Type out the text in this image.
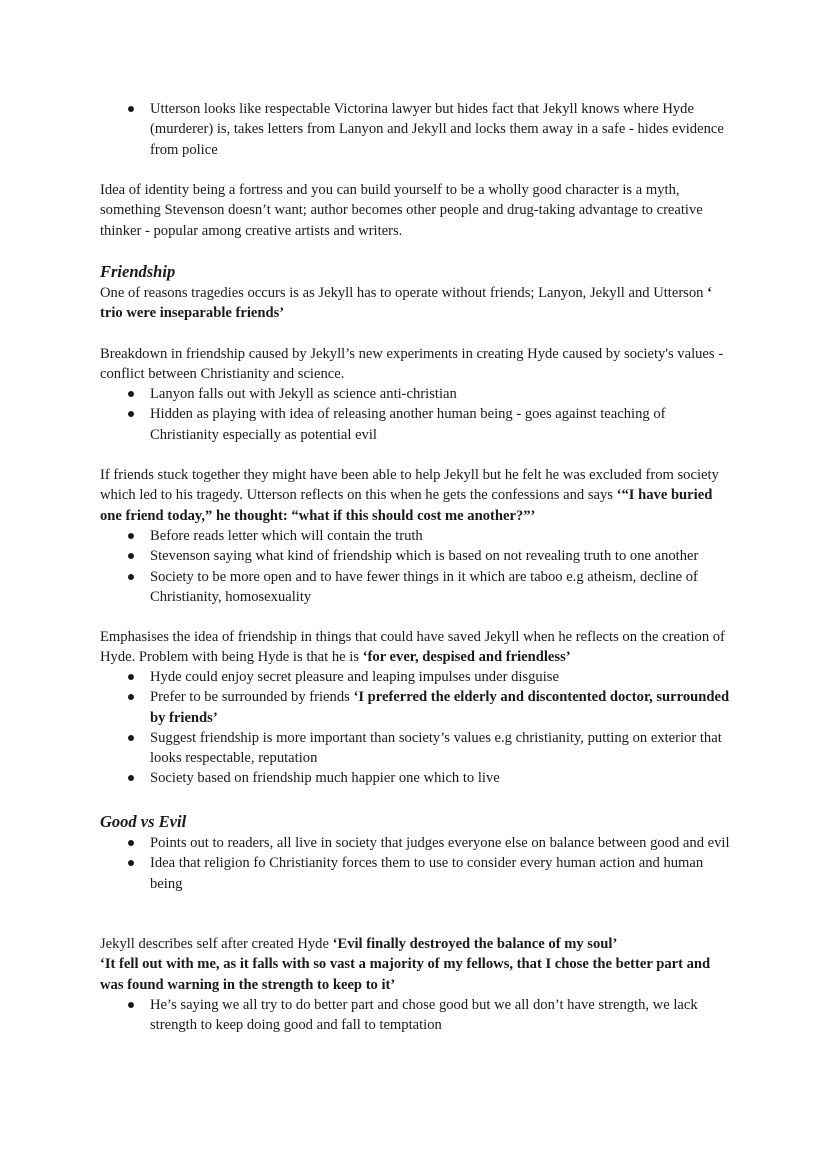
Utterson looks like respectable Victorina lawyer but hides fact that Jekyll knows where Hyde (murderer) is, takes letters from Lanyon and Jekyll and locks them away in a safe - hides evidence from police

Idea of identity being a fortress and you can build yourself to be a wholly good character is a myth, something Stevenson doesn’t want; author becomes other people and drug-taking advantage to creative thinker - popular among creative artists and writers.

Friendship

One of reasons tragedies occurs is as Jekyll has to operate without friends; Lanyon, Jekyll and Utterson ‘ trio were inseparable friends’

Breakdown in friendship caused by Jekyll’s new experiments in creating Hyde caused by society's values - conflict between Christianity and science.

Lanyon falls out with Jekyll as science anti-christian
Hidden as playing with idea of releasing another human being - goes against teaching of Christianity especially as potential evil

If friends stuck together they might have been able to help Jekyll but he felt he was excluded from society which led to his tragedy. Utterson reflects on this when he gets the confessions and says ‘“I have buried one friend today,” he thought: “what if this should cost me another?”’

Before reads letter which will contain the truth
Stevenson saying what kind of friendship which is based on not revealing truth to one another
Society to be more open and to have fewer things in it which are taboo e.g atheism, decline of Christianity, homosexuality

Emphasises the idea of friendship in things that could have saved Jekyll when he reflects on the creation of Hyde. Problem with being Hyde is that he is ‘for ever, despised and friendless’

Hyde could enjoy secret pleasure and leaping impulses under disguise
Prefer to be surrounded by friends ‘I preferred the elderly and discontented doctor, surrounded by friends’
Suggest friendship is more important than society’s values e.g christianity, putting on exterior that looks respectable, reputation
Society based on friendship much happier one which to live
Good vs Evil
Points out to readers, all live in society that judges everyone else on balance between good and evil
Idea that religion fo Christianity forces them to use to consider every human action and human being

Jekyll describes self after created Hyde ‘Evil finally destroyed the balance of my soul’
‘It fell out with me, as it falls with so vast a majority of my fellows, that I chose the better part and was found warning in the strength to keep to it’

He’s saying we all try to do better part and chose good but we all don’t have strength, we lack strength to keep doing good and fall to temptation
